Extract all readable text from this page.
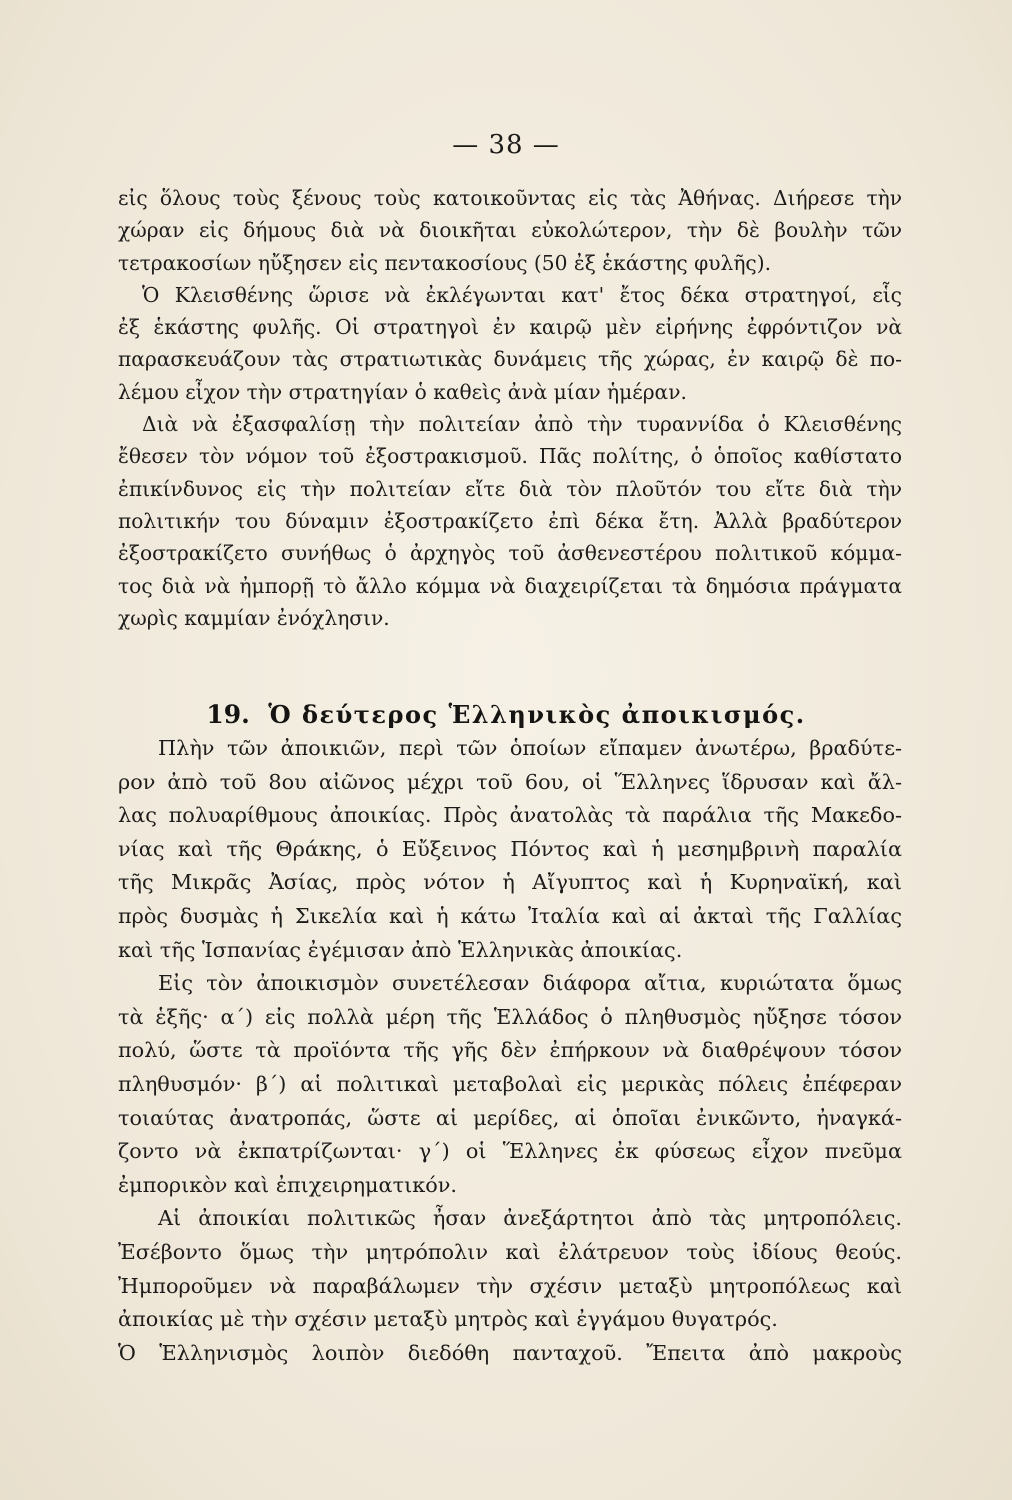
— 38 —
εἰς ὅλους τοὺς ξένους τοὺς κατοικοῦντας εἰς τὰς Ἀθήνας. Διήρεσε τὴν
χώραν εἰς δήμους διὰ νὰ διοικῆται εὐκολώτερον, τὴν δὲ βουλὴν τῶν
τετρακοσίων ηὔξησεν εἰς πεντακοσίους (50 ἐξ ἑκάστης φυλῆς).
Ὁ Κλεισθένης ὥρισε νὰ ἐκλέγωνται κατ' ἔτος δέκα στρατηγοί, εἷς
ἐξ ἑκάστης φυλῆς. Οἱ στρατηγοὶ ἐν καιρῷ μὲν εἰρήνης ἐφρόντιζον νὰ
παρασκευάζουν τὰς στρατιωτικὰς δυνάμεις τῆς χώρας, ἐν καιρῷ δὲ πο-
λέμου εἶχον τὴν στρατηγίαν ὁ καθεὶς ἀνὰ μίαν ἡμέραν.
Διὰ νὰ ἐξασφαλίσῃ τὴν πολιτείαν ἀπὸ τὴν τυραννίδα ὁ Κλεισθένης
ἔθεσεν τὸν νόμον τοῦ ἐξοστρακισμοῦ. Πᾶς πολίτης, ὁ ὁποῖος καθίστατο
ἐπικίνδυνος εἰς τὴν πολιτείαν εἴτε διὰ τὸν πλοῦτόν του εἴτε διὰ τὴν
πολιτικήν του δύναμιν ἐξοστρακίζετο ἐπὶ δέκα ἔτη. Ἀλλὰ βραδύτερον
ἐξοστρακίζετο συνήθως ὁ ἀρχηγὸς τοῦ ἀσθενεστέρου πολιτικοῦ κόμμα-
τος διὰ νὰ ἠμπορῇ τὸ ἄλλο κόμμα νὰ διαχειρίζεται τὰ δημόσια πράγματα
χωρὶς καμμίαν ἐνόχλησιν.
19. Ὁ δεύτερος Ἑλληνικὸς ἀποικισμός.
Πλὴν τῶν ἀποικιῶν, περὶ τῶν ὁποίων εἴπαμεν ἀνωτέρω, βραδύτε-
ρον ἀπὸ τοῦ 8ου αἰῶνος μέχρι τοῦ 6ου, οἱ Ἕλληνες ἵδρυσαν καὶ ἄλ-
λας πολυαρίθμους ἀποικίας. Πρὸς ἀνατολὰς τὰ παράλια τῆς Μακεδο-
νίας καὶ τῆς Θράκης, ὁ Εὔξεινος Πόντος καὶ ἡ μεσημβρινὴ παραλία
τῆς Μικρᾶς Ἀσίας, πρὸς νότον ἡ Αἴγυπτος καὶ ἡ Κυρηναϊκή, καὶ
πρὸς δυσμὰς ἡ Σικελία καὶ ἡ κάτω Ἰταλία καὶ αἱ ἀκταὶ τῆς Γαλλίας
καὶ τῆς Ἱσπανίας ἐγέμισαν ἀπὸ Ἑλληνικὰς ἀποικίας.
Εἰς τὸν ἀποικισμὸν συνετέλεσαν διάφορα αἴτια, κυριώτατα ὅμως
τὰ ἑξῆς· α΄) εἰς πολλὰ μέρη τῆς Ἑλλάδος ὁ πληθυσμὸς ηὔξησε τόσον
πολύ, ὥστε τὰ προϊόντα τῆς γῆς δὲν ἐπήρκουν νὰ διαθρέψουν τόσον
πληθυσμόν· β΄) αἱ πολιτικαὶ μεταβολαὶ εἰς μερικὰς πόλεις ἐπέφεραν
τοιαύτας ἀνατροπάς, ὥστε αἱ μερίδες, αἱ ὁποῖαι ἐνικῶντο, ἠναγκά-
ζοντο νὰ ἐκπατρίζωνται· γ΄) οἱ Ἕλληνες ἐκ φύσεως εἶχον πνεῦμα
ἐμπορικὸν καὶ ἐπιχειρηματικόν.
Αἱ ἀποικίαι πολιτικῶς ἦσαν ἀνεξάρτητοι ἀπὸ τὰς μητροπόλεις.
Ἐσέβοντο ὅμως τὴν μητρόπολιν καὶ ἐλάτρευον τοὺς ἰδίους θεούς.
Ἠμποροῦμεν νὰ παραβάλωμεν τὴν σχέσιν μεταξὺ μητροπόλεως καὶ
ἀποικίας μὲ τὴν σχέσιν μεταξὺ μητρὸς καὶ ἐγγάμου θυγατρός.
Ὁ Ἑλληνισμὸς λοιπὸν διεδόθη πανταχοῦ. Ἔπειτα ἀπὸ μακροὺς
